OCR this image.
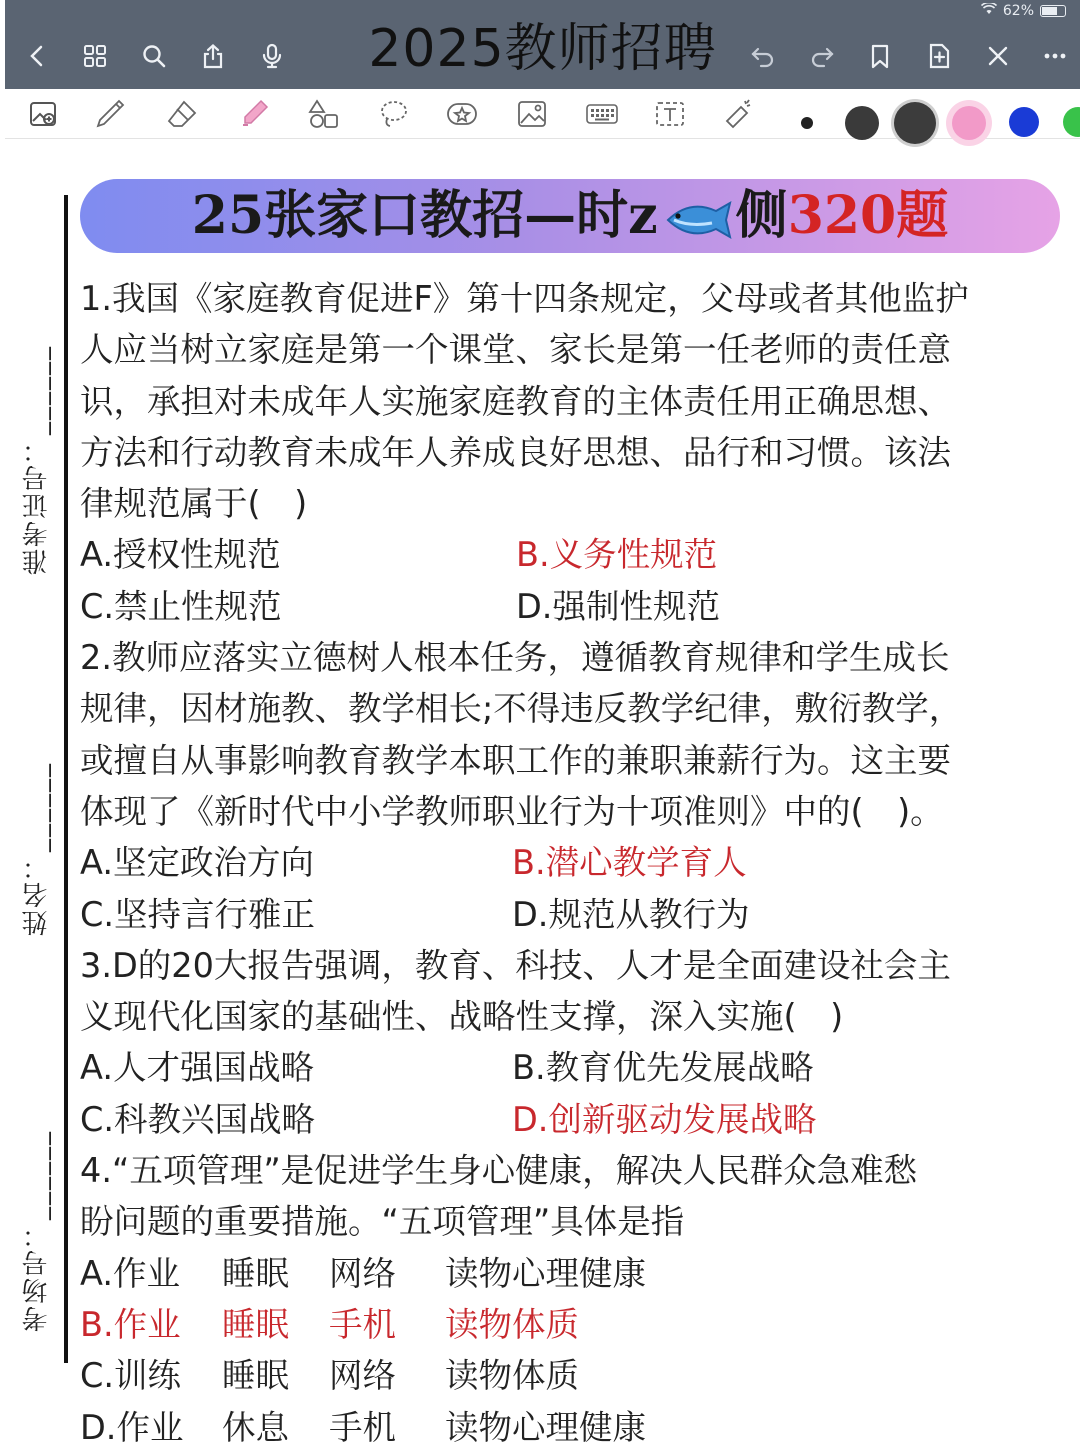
62%
2025教师招聘
准考证号：______
姓名：______
考场号：______
25张家口教招—时z 侧320题

1.我国《家庭教育促进F》第十四条规定，父母或者其他监护

人应当树立家庭是第一个课堂、家长是第一任老师的责任意

识，承担对未成年人实施家庭教育的主体责任用正确思想、

方法和行动教育未成年人养成良好思想、品行和习惯。该法

律规范属于(　)

A.授权性规范	B.义务性规范
C.禁止性规范	D.强制性规范

2.教师应落实立德树人根本任务，遵循教育规律和学生成长

规律，因材施教、教学相长;不得违反教学纪律，敷衍教学，

或擅自从事影响教育教学本职工作的兼职兼薪行为。这主要

体现了《新时代中小学教师职业行为十项准则》中的(　)。

A.坚定政治方向	B.潜心教学育人
C.坚持言行雅正	D.规范从教行为

3.D的20大报告强调，教育、科技、人才是全面建设社会主

义现代化国家的基础性、战略性支撑，深入实施(　)

A.人才强国战略	B.教育优先发展战略
C.科教兴国战略	D.创新驱动发展战略

4.“五项管理”是促进学生身心健康，解决人民群众急难愁

盼问题的重要措施。“五项管理”具体是指

A.作业	睡眠	网络	读物心理健康
B.作业	睡眠	手机	读物体质
C.训练	睡眠	网络	读物体质
D.作业	休息	手机	读物心理健康
